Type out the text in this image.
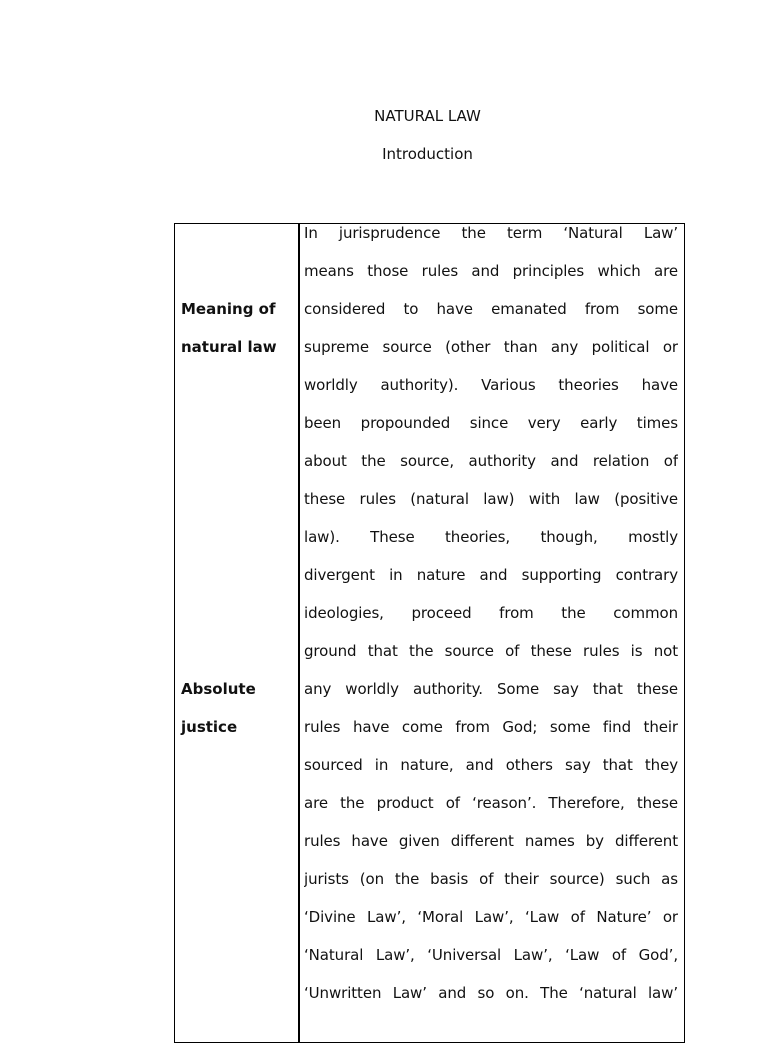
NATURAL LAW
Introduction
Meaning of
natural law
Absolute
justice
In jurisprudence the term ‘Natural Law’
means those rules and principles which are
considered to have emanated from some
supreme source (other than any political or
worldly authority). Various theories have
been propounded since very early times
about the source, authority and relation of
these rules (natural law) with law (positive
law). These theories, though, mostly
divergent in nature and supporting contrary
ideologies, proceed from the common
ground that the source of these rules is not
any worldly authority. Some say that these
rules have come from God; some find their
sourced in nature, and others say that they
are the product of ‘reason’. Therefore, these
rules have given different names by different
jurists (on the basis of their source) such as
‘Divine Law’, ‘Moral Law’, ‘Law of Nature’ or
‘Natural Law’, ‘Universal Law’, ‘Law of God’,
‘Unwritten Law’ and so on. The ‘natural law’
